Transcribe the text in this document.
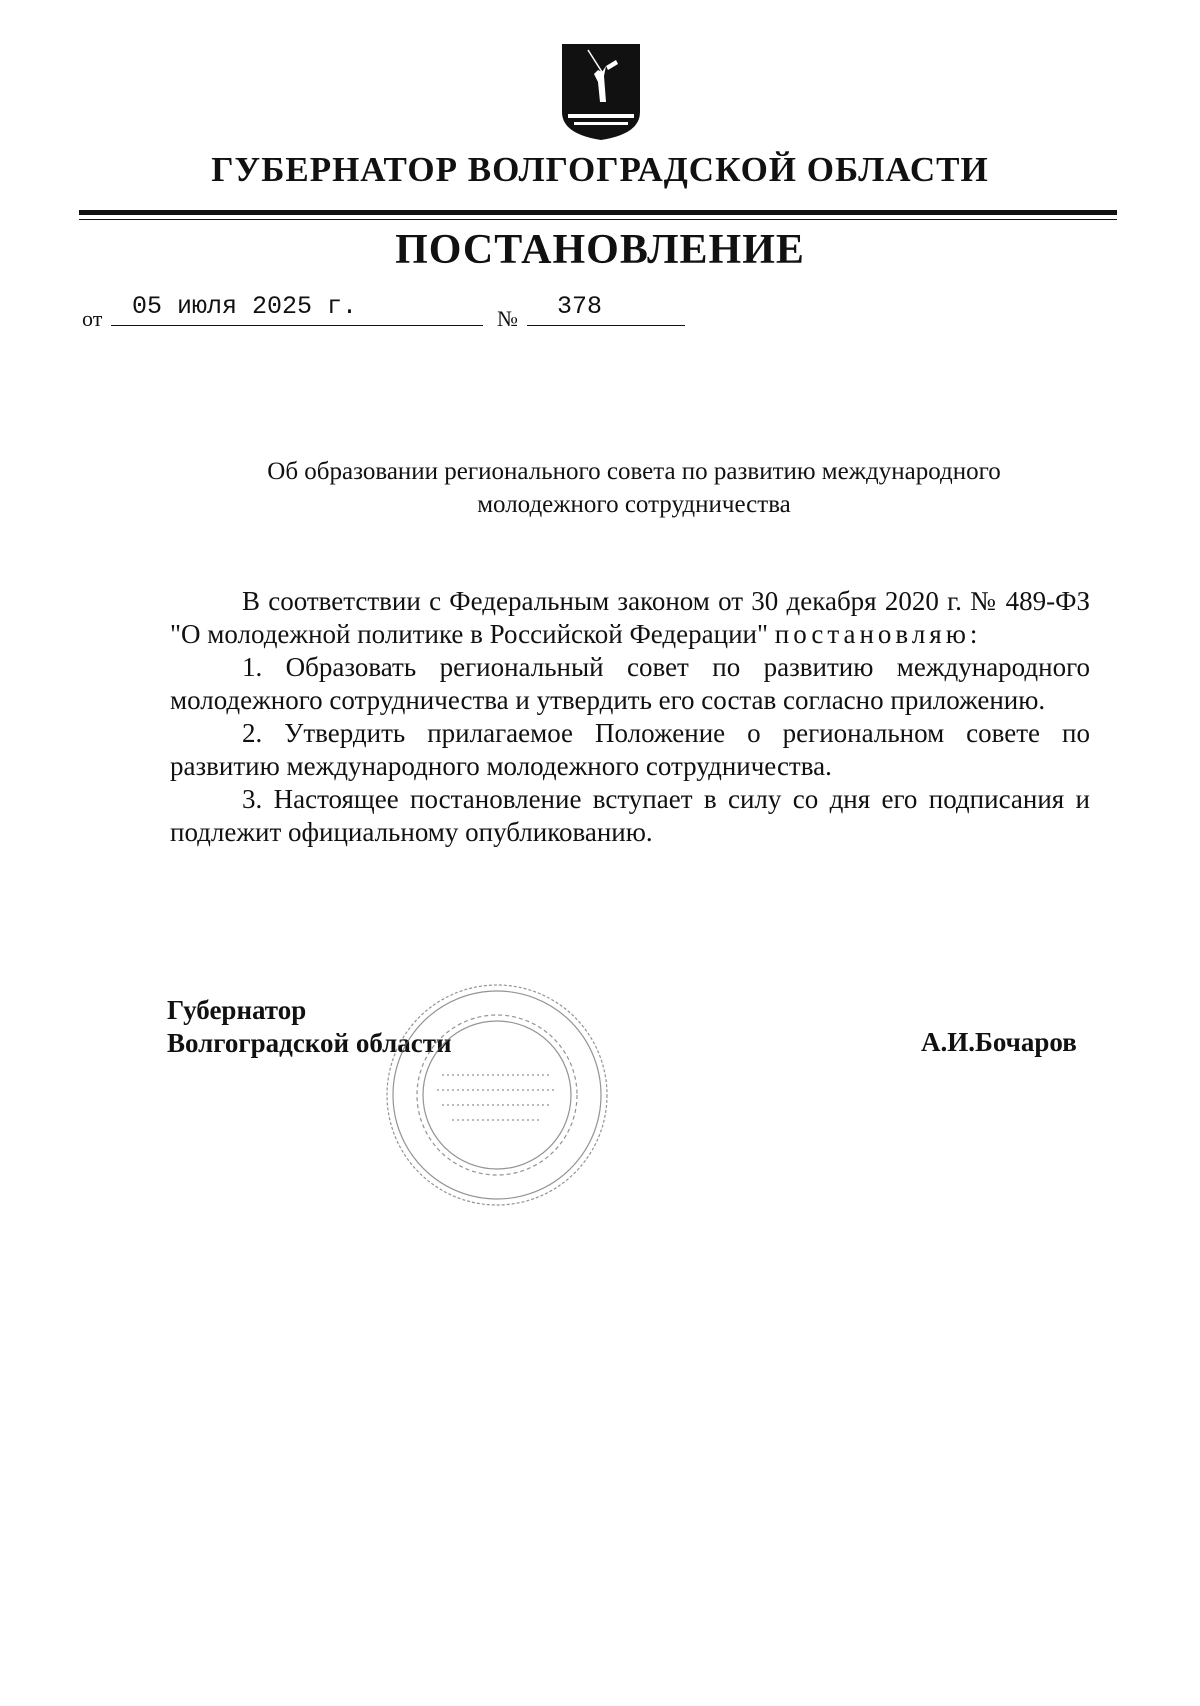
ГУБЕРНАТОР ВОЛГОГРАДСКОЙ ОБЛАСТИ
ПОСТАНОВЛЕНИЕ
от 05 июля 2025 г.	№ 378
Об образовании регионального совета по развитию международного
молодежного сотрудничества

В соответствии с Федеральным законом от 30 декабря 2020 г. № 489-ФЗ "О молодежной политике в Российской Федерации" постановляю:

1. Образовать региональный совет по развитию международного молодежного сотрудничества и утвердить его состав согласно приложению.

2. Утвердить прилагаемое Положение о региональном совете по развитию международного молодежного сотрудничества.

3. Настоящее постановление вступает в силу со дня его подписания и подлежит официальному опубликованию.

Губернатор
Волгоградской области	А.И.Бочаров
